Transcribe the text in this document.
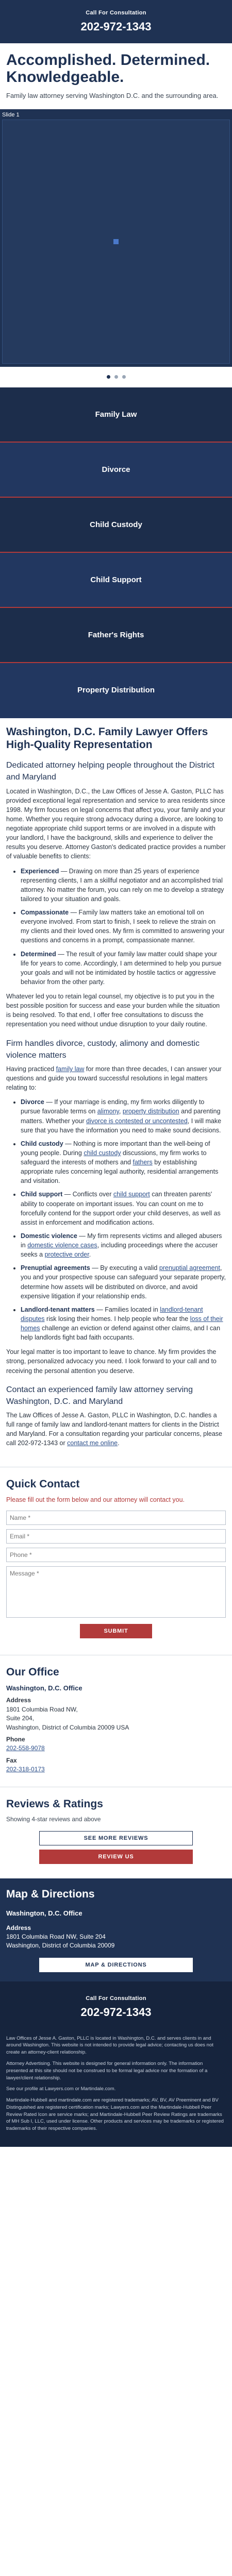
Call For Consultation
202-972-1343
Accomplished. Determined. Knowledgeable.

Family law attorney serving Washington D.C. and the surrounding area.

Slide 1
Family Law
Divorce
Child Custody
Child Support
Father's Rights
Property Distribution
Washington, D.C. Family Lawyer Offers High-Quality Representation
Dedicated attorney helping people throughout the District and Maryland

Located in Washington, D.C., the Law Offices of Jesse A. Gaston, PLLC has provided exceptional legal representation and service to area residents since 1998. My firm focuses on legal concerns that affect you, your family and your home. Whether you require strong advocacy during a divorce, are looking to negotiate appropriate child support terms or are involved in a dispute with your landlord, I have the background, skills and experience to deliver the results you deserve. Attorney Gaston's dedicated practice provides a number of valuable benefits to clients:

• Experienced — Drawing on more than 25 years of experience representing clients, I am a skillful negotiator and an accomplished trial attorney. No matter the forum, you can rely on me to develop a strategy tailored to your situation and goals.
• Compassionate — Family law matters take an emotional toll on everyone involved. From start to finish, I seek to relieve the strain on my clients and their loved ones. My firm is committed to answering your questions and concerns in a prompt, compassionate manner.
• Determined — The result of your family law matter could shape your life for years to come. Accordingly, I am determined to help you pursue your goals and will not be intimidated by hostile tactics or aggressive behavior from the other party.

Whatever led you to retain legal counsel, my objective is to put you in the best possible position for success and ease your burden while the situation is being resolved. To that end, I offer free consultations to discuss the representation you need without undue disruption to your daily routine.

Firm handles divorce, custody, alimony and domestic violence matters

Having practiced family law for more than three decades, I can answer your questions and guide you toward successful resolutions in legal matters relating to:

• Divorce — If your marriage is ending, my firm works diligently to pursue favorable terms on alimony, property distribution and parenting matters. Whether your divorce is contested or uncontested, I will make sure that you have the information you need to make sound decisions.
• Child custody — Nothing is more important than the well-being of young people. During child custody discussions, my firm works to safeguard the interests of mothers and fathers by establishing appropriate rules concerning legal authority, residential arrangements and visitation.
• Child support — Conflicts over child support can threaten parents' ability to cooperate on important issues. You can count on me to forcefully contend for the support order your child deserves, as well as assist in enforcement and modification actions.
• Domestic violence — My firm represents victims and alleged abusers in domestic violence cases, including proceedings where the accuser seeks a protective order.
• Prenuptial agreements — By executing a valid prenuptial agreement, you and your prospective spouse can safeguard your separate property, determine how assets will be distributed on divorce, and avoid expensive litigation if your relationship ends.
• Landlord-tenant matters — Families located in landlord-tenant disputes risk losing their homes. I help people who fear the loss of their homes challenge an eviction or defend against other claims, and I can help landlords fight bad faith occupants.

Your legal matter is too important to leave to chance. My firm provides the strong, personalized advocacy you need. I look forward to your call and to receiving the personal attention you deserve.

Contact an experienced family law attorney serving Washington, D.C. and Maryland

The Law Offices of Jesse A. Gaston, PLLC in Washington, D.C. handles a full range of family law and landlord-tenant matters for clients in the District and Maryland. For a consultation regarding your particular concerns, please call 202-972-1343 or contact me online.

Quick Contact

Please fill out the form below and our attorney will contact you.

Name *
Email *
Phone *
Message *
SUBMIT
Our Office
Washington, D.C. Office
Address

1801 Columbia Road NW,

Suite 204,

Washington, District of Columbia 20009 USA

Phone

202-558-9078

Fax

202-318-0173

Reviews & Ratings

Showing 4-star reviews and above

SEE MORE REVIEWS
REVIEW US
Map & Directions
Washington, D.C. Office
Address

1801 Columbia Road NW, Suite 204

Washington, District of Columbia 20009

MAP & DIRECTIONS
Call For Consultation
202-972-1343

Law Offices of Jesse A. Gaston, PLLC is located in Washington, D.C. and serves clients in and around Washington. This website is not intended to provide legal advice; contacting us does not create an attorney-client relationship.

Attorney Advertising. This website is designed for general information only. The information presented at this site should not be construed to be formal legal advice nor the formation of a lawyer/client relationship.

See our profile at Lawyers.com or Martindale.com.

Martindale-Hubbell and martindale.com are registered trademarks; AV, BV, AV Preeminent and BV Distinguished are registered certification marks; Lawyers.com and the Martindale-Hubbell Peer Review Rated Icon are service marks; and Martindale-Hubbell Peer Review Ratings are trademarks of MH Sub I, LLC, used under license. Other products and services may be trademarks or registered trademarks of their respective companies.
